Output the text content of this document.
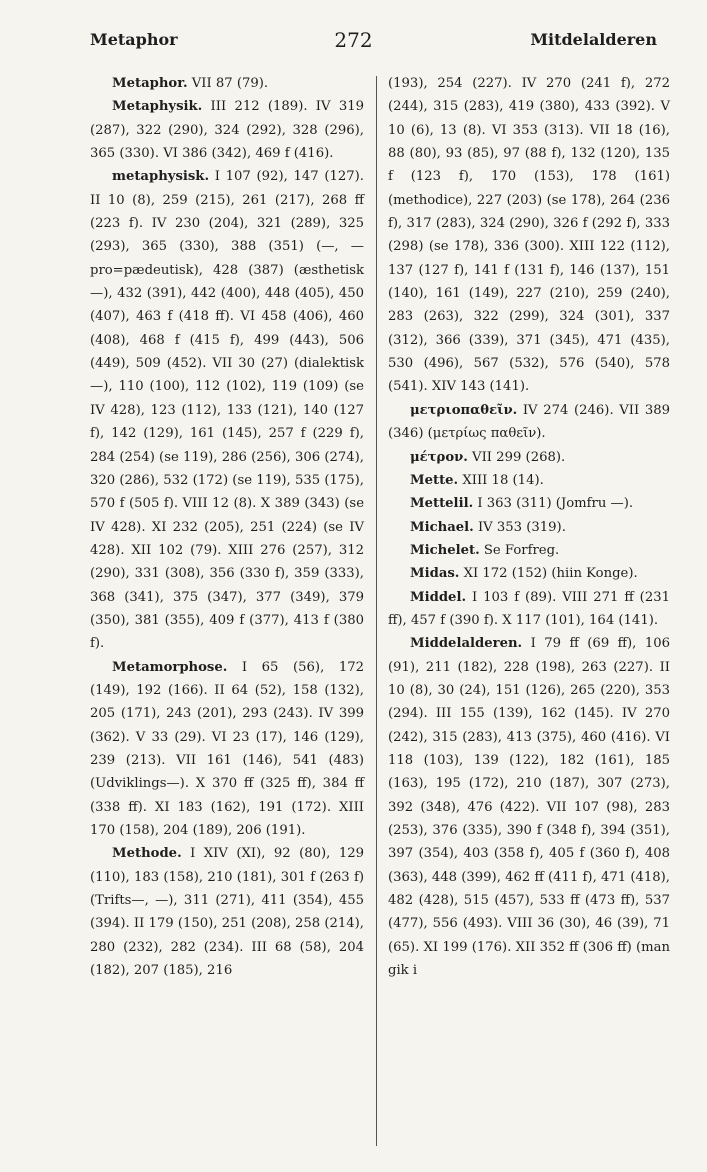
Metaphor	272	Mitdelalderen

Metaphor. VII 87 (79).

Metaphysik. III 212 (189). IV 319 (287), 322 (290), 324 (292), 328 (296), 365 (330). VI 386 (342), 469 f (416).

metaphysisk. I 107 (92), 147 (127). II 10 (8), 259 (215), 261 (217), 268 ff (223 f). IV 230 (204), 321 (289), 325 (293), 365 (330), 388 (351) (—, —pro=pædeutisk), 428 (387) (æsthetisk—), 432 (391), 442 (400), 448 (405), 450 (407), 463 f (418 ff). VI 458 (406), 460 (408), 468 f (415 f), 499 (443), 506 (449), 509 (452). VII 30 (27) (dialektisk—), 110 (100), 112 (102), 119 (109) (se IV 428), 123 (112), 133 (121), 140 (127 f), 142 (129), 161 (145), 257 f (229 f), 284 (254) (se 119), 286 (256), 306 (274), 320 (286), 532 (172) (se 119), 535 (175), 570 f (505 f). VIII 12 (8). X 389 (343) (se IV 428). XI 232 (205), 251 (224) (se IV 428). XII 102 (79). XIII 276 (257), 312 (290), 331 (308), 356 (330 f), 359 (333), 368 (341), 375 (347), 377 (349), 379 (350), 381 (355), 409 f (377), 413 f (380 f).

Metamorphose. I 65 (56), 172 (149), 192 (166). II 64 (52), 158 (132), 205 (171), 243 (201), 293 (243). IV 399 (362). V 33 (29). VI 23 (17), 146 (129), 239 (213). VII 161 (146), 541 (483) (Udviklings—). X 370 ff (325 ff), 384 ff (338 ff). XI 183 (162), 191 (172). XIII 170 (158), 204 (189), 206 (191).

Methode. I XIV (XI), 92 (80), 129 (110), 183 (158), 210 (181), 301 f (263 f) (Trifts—, —), 311 (271), 411 (354), 455 (394). II 179 (150), 251 (208), 258 (214), 280 (232), 282 (234). III 68 (58), 204 (182), 207 (185), 216

(193), 254 (227). IV 270 (241 f), 272 (244), 315 (283), 419 (380), 433 (392). V 10 (6), 13 (8). VI 353 (313). VII 18 (16), 88 (80), 93 (85), 97 (88 f), 132 (120), 135 f (123 f), 170 (153), 178 (161) (methodice), 227 (203) (se 178), 264 (236 f), 317 (283), 324 (290), 326 f (292 f), 333 (298) (se 178), 336 (300). XIII 122 (112), 137 (127 f), 141 f (131 f), 146 (137), 151 (140), 161 (149), 227 (210), 259 (240), 283 (263), 322 (299), 324 (301), 337 (312), 366 (339), 371 (345), 471 (435), 530 (496), 567 (532), 576 (540), 578 (541). XIV 143 (141).

μετριοπαθεῖν. IV 274 (246). VII 389 (346) (μετρίως παθεῖν).

μέτρον. VII 299 (268).

Mette. XIII 18 (14).

Mettelil. I 363 (311) (Jomfru —).

Michael. IV 353 (319).

Michelet. Se Forfreg.

Midas. XI 172 (152) (hiin Konge).

Middel. I 103 f (89). VIII 271 ff (231 ff), 457 f (390 f). X 117 (101), 164 (141).

Middelalderen. I 79 ff (69 ff), 106 (91), 211 (182), 228 (198), 263 (227). II 10 (8), 30 (24), 151 (126), 265 (220), 353 (294). III 155 (139), 162 (145). IV 270 (242), 315 (283), 413 (375), 460 (416). VI 118 (103), 139 (122), 182 (161), 185 (163), 195 (172), 210 (187), 307 (273), 392 (348), 476 (422). VII 107 (98), 283 (253), 376 (335), 390 f (348 f), 394 (351), 397 (354), 403 (358 f), 405 f (360 f), 408 (363), 448 (399), 462 ff (411 f), 471 (418), 482 (428), 515 (457), 533 ff (473 ff), 537 (477), 556 (493). VIII 36 (30), 46 (39), 71 (65). XI 199 (176). XII 352 ff (306 ff) (man gik i
